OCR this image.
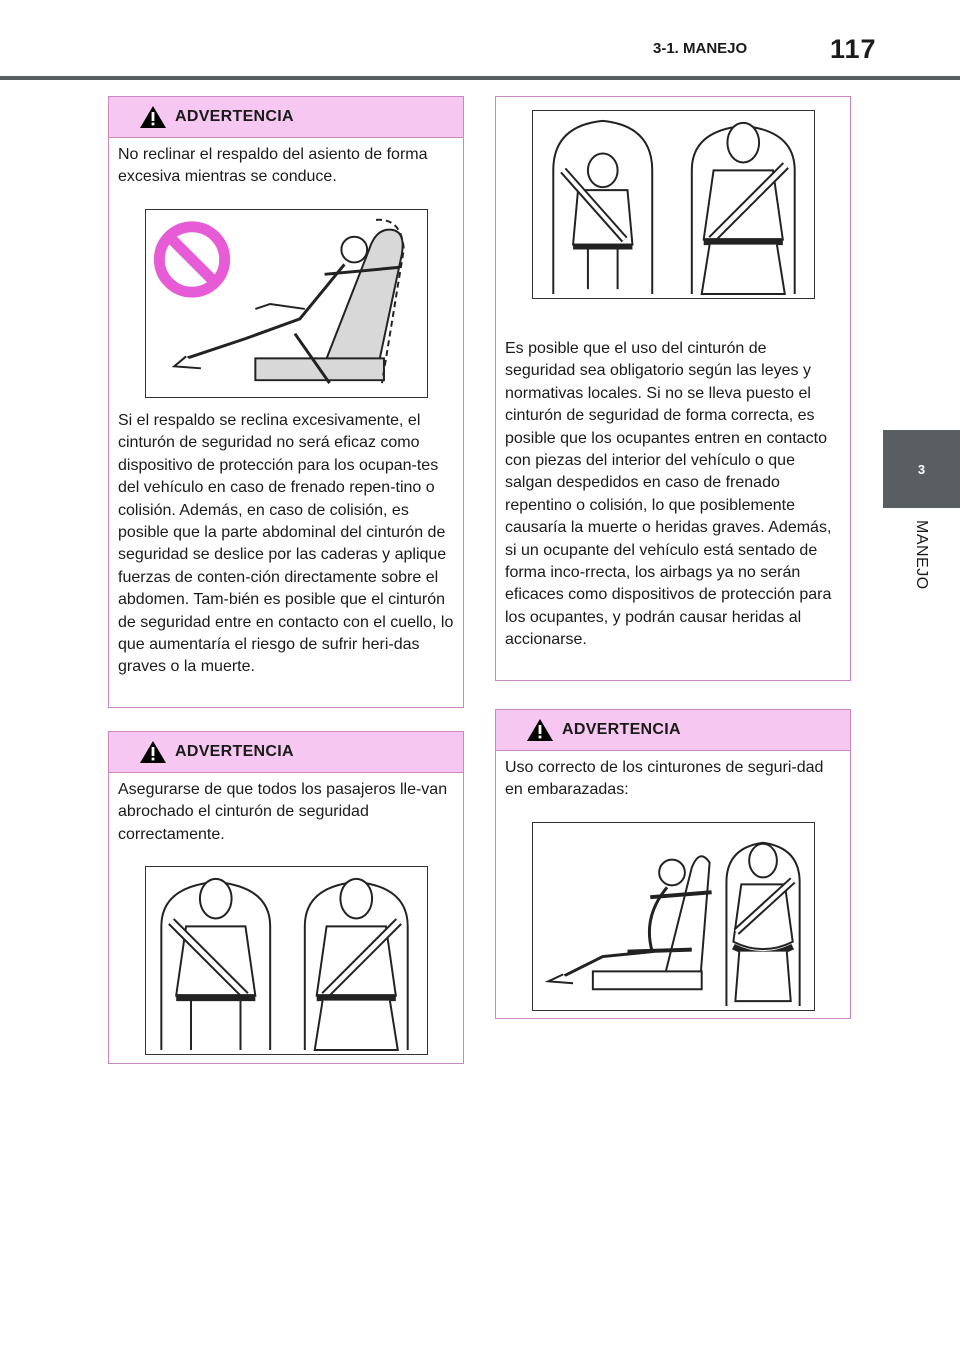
3-1. MANEJO	117
3
MANEJO
ADVERTENCIA

No reclinar el respaldo del asiento de forma excesiva mientras se conduce.

Si el respaldo se reclina excesivamente, el cinturón de seguridad no será eficaz como dispositivo de protección para los ocupan-tes del vehículo en caso de frenado repen-tino o colisión. Además, en caso de colisión, es posible que la parte abdominal del cinturón de seguridad se deslice por las caderas y aplique fuerzas de conten-ción directamente sobre el abdomen. Tam-bién es posible que el cinturón de seguridad entre en contacto con el cuello, lo que aumentaría el riesgo de sufrir heri-das graves o la muerte.

ADVERTENCIA

Asegurarse de que todos los pasajeros lle-van abrochado el cinturón de seguridad correctamente.

Es posible que el uso del cinturón de seguridad sea obligatorio según las leyes y normativas locales. Si no se lleva puesto el cinturón de seguridad de forma correcta, es posible que los ocupantes entren en contacto con piezas del interior del vehículo o que salgan despedidos en caso de frenado repentino o colisión, lo que posiblemente causaría la muerte o heridas graves. Además, si un ocupante del vehículo está sentado de forma inco-rrecta, los airbags ya no serán eficaces como dispositivos de protección para los ocupantes, y podrán causar heridas al accionarse.

ADVERTENCIA

Uso correcto de los cinturones de seguri-dad en embarazadas:
